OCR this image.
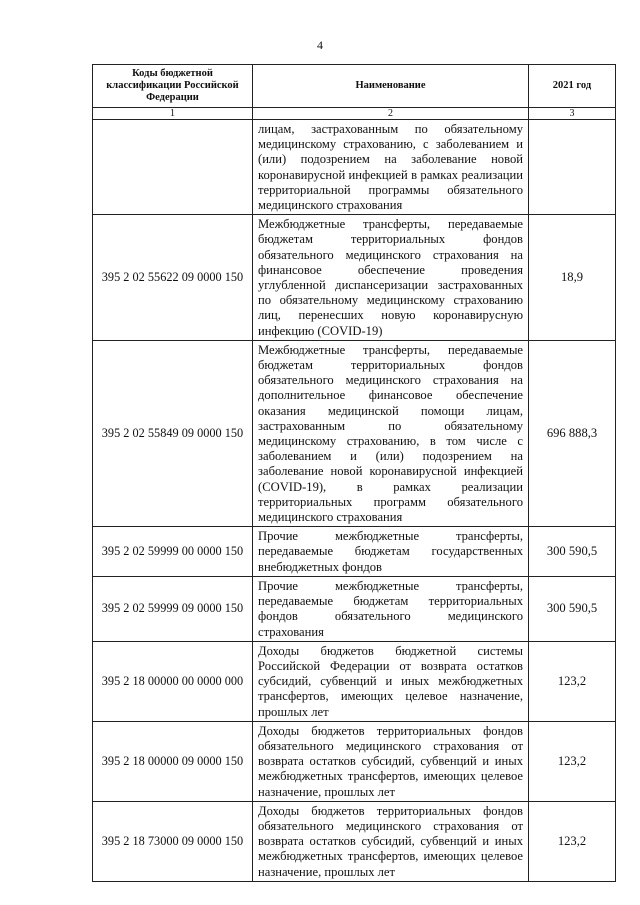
4
Коды бюджетной классификации Российской Федерации	Наименование	2021 год
1	2	3
	лицам, застрахованным по обязательному медицинскому страхованию, с заболеванием и (или) подозрением на заболевание новой коронавирусной инфекцией в рамках реализации территориальной программы обязательного медицинского страхования	
395 2 02 55622 09 0000 150	Межбюджетные трансферты, передаваемые бюджетам территориальных фондов обязательного медицинского страхования на финансовое обеспечение проведения углубленной диспансеризации застрахованных по обязательному медицинскому страхованию лиц, перенесших новую коронавирусную инфекцию (COVID-19)	18,9
395 2 02 55849 09 0000 150	Межбюджетные трансферты, передаваемые бюджетам территориальных фондов обязательного медицинского страхования на дополнительное финансовое обеспечение оказания медицинской помощи лицам, застрахованным по обязательному медицинскому страхованию, в том числе с заболеванием и (или) подозрением на заболевание новой коронавирусной инфекцией (COVID-19), в рамках реализации территориальных программ обязательного медицинского страхования	696 888,3
395 2 02 59999 00 0000 150	Прочие межбюджетные трансферты, передаваемые бюджетам государственных внебюджетных фондов	300 590,5
395 2 02 59999 09 0000 150	Прочие межбюджетные трансферты, передаваемые бюджетам территориальных фондов обязательного медицинского страхования	300 590,5
395 2 18 00000 00 0000 000	Доходы бюджетов бюджетной системы Российской Федерации от возврата остатков субсидий, субвенций и иных межбюджетных трансфертов, имеющих целевое назначение, прошлых лет	123,2
395 2 18 00000 09 0000 150	Доходы бюджетов территориальных фондов обязательного медицинского страхования от возврата остатков субсидий, субвенций и иных межбюджетных трансфертов, имеющих целевое назначение, прошлых лет	123,2
395 2 18 73000 09 0000 150	Доходы бюджетов территориальных фондов обязательного медицинского страхования от возврата остатков субсидий, субвенций и иных межбюджетных трансфертов, имеющих целевое назначение, прошлых лет	123,2
